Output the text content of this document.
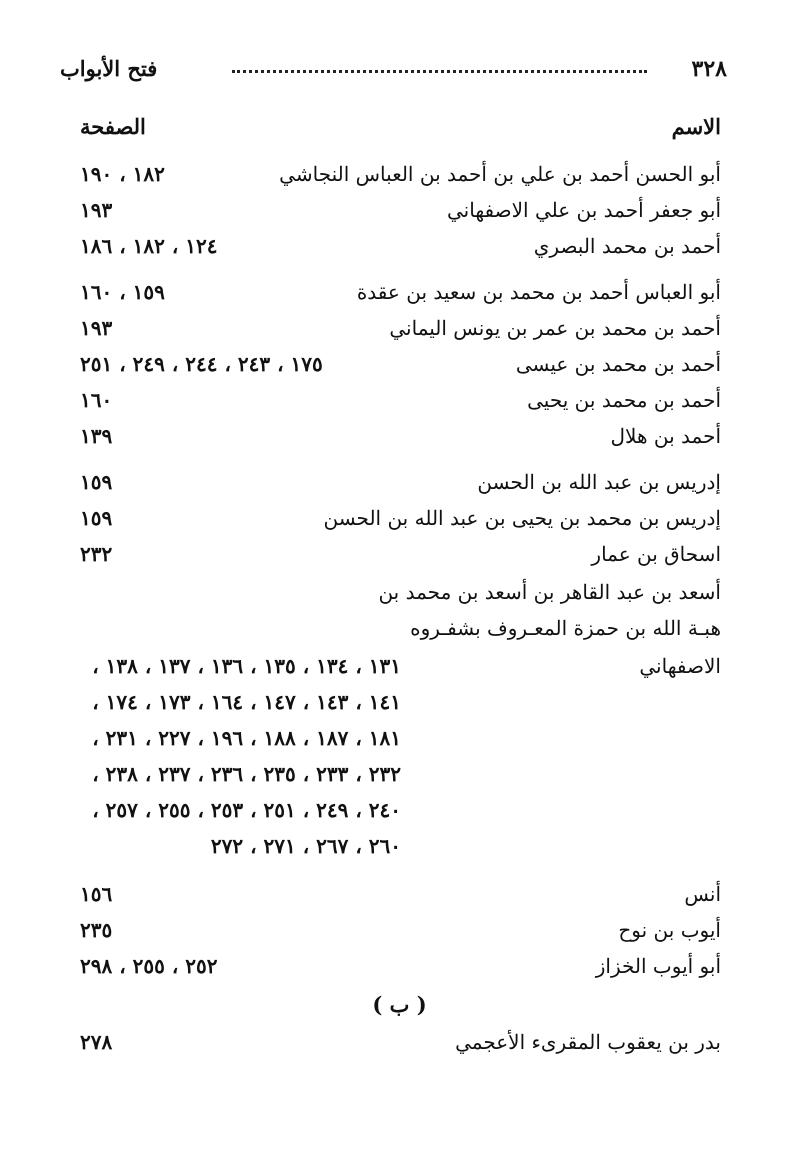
٣٢٨
فتح الأبواب
الاسم
الصفحة
أبو الحسن أحمد بن علي بن أحمد بن العباس النجاشي
١٨٢ ، ١٩٠
أبو جعفر أحمد بن علي الاصفهاني
١٩٣
أحمد بن محمد البصري
١٢٤ ، ١٨٢ ، ١٨٦
أبو العباس أحمد بن محمد بن سعيد بن عقدة
١٥٩ ، ١٦٠
أحمد بن محمد بن عمر بن يونس اليماني
١٩٣
أحمد بن محمد بن عيسى
١٧٥ ، ٢٤٣ ، ٢٤٤ ، ٢٤٩ ، ٢٥١
أحمد بن محمد بن يحيى
١٦٠
أحمد بن هلال
١٣٩
إدريس بن عبد الله بن الحسن
١٥٩
إدريس بن محمد بن يحيى بن عبد الله بن الحسن
١٥٩
اسحاق بن عمار
٢٣٢
أسعد بن عبد القاهر بن أسعد بن محمد بن
هبـة الله بن حمزة المعـروف بشفـروه
الاصفهاني
١٣١ ، ١٣٤ ، ١٣٥ ، ١٣٦ ، ١٣٧ ، ١٣٨ ،
١٤١ ، ١٤٣ ، ١٤٧ ، ١٦٤ ، ١٧٣ ، ١٧٤ ،
١٨١ ، ١٨٧ ، ١٨٨ ، ١٩٦ ، ٢٢٧ ، ٢٣١ ،
٢٣٢ ، ٢٣٣ ، ٢٣٥ ، ٢٣٦ ، ٢٣٧ ، ٢٣٨ ،
٢٤٠ ، ٢٤٩ ، ٢٥١ ، ٢٥٣ ، ٢٥٥ ، ٢٥٧ ،
٢٦٠ ، ٢٦٧ ، ٢٧١ ، ٢٧٢
أنس
١٥٦
أيوب بن نوح
٢٣٥
أبو أيوب الخزاز
٢٥٢ ، ٢٥٥ ، ٢٩٨
( ب )
بدر بن يعقوب المقرىء الأعجمي
٢٧٨
